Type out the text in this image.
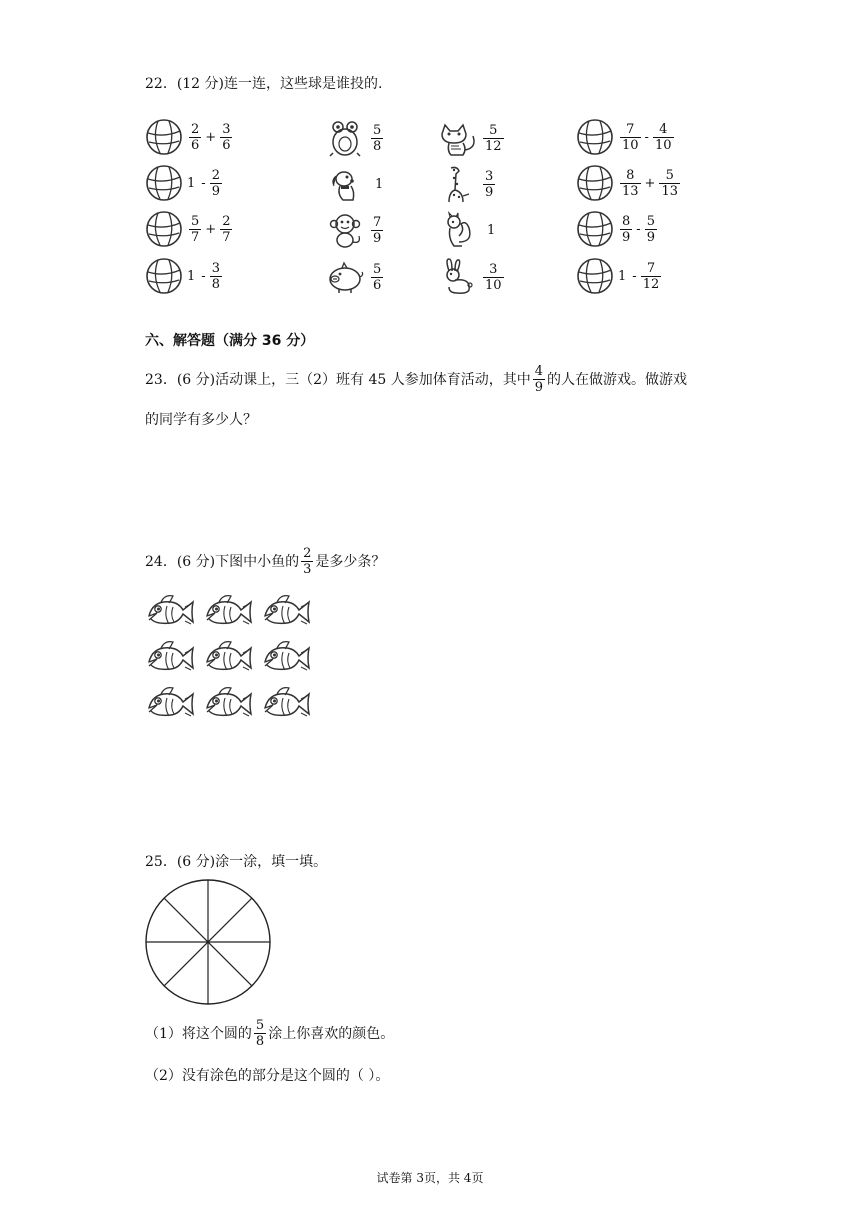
22．(12 分)连一连，这些球是谁投的.
$\frac{2}{6} + \frac{3}{6}$
$1 - \frac{2}{9}$
$\frac{5}{7} + \frac{2}{7}$
$1 - \frac{3}{8}$
$\frac{5}{8}$
1
$\frac{7}{9}$
$\frac{5}{6}$
$\frac{5}{12}$
$\frac{3}{9}$
1
$\frac{3}{10}$
$\frac{7}{10} - \frac{4}{10}$
$\frac{8}{13} + \frac{5}{13}$
$\frac{8}{9} - \frac{5}{9}$
$1 - \frac{7}{12}$
六、解答题（满分 36 分）
23．(6 分)活动课上，三（2）班有 45 人参加体育活动，其中 $\frac{4}{9}$ 的人在做游戏。做游戏
的同学有多少人？
24．(6 分)下图中小鱼的 $\frac{2}{3}$ 是多少条？
25．(6 分)涂一涂，填一填。
（1）将这个圆的 $\frac{5}{8}$ 涂上你喜欢的颜色。
（2）没有涂色的部分是这个圆的（ ）。
试卷第 3页，共 4页
